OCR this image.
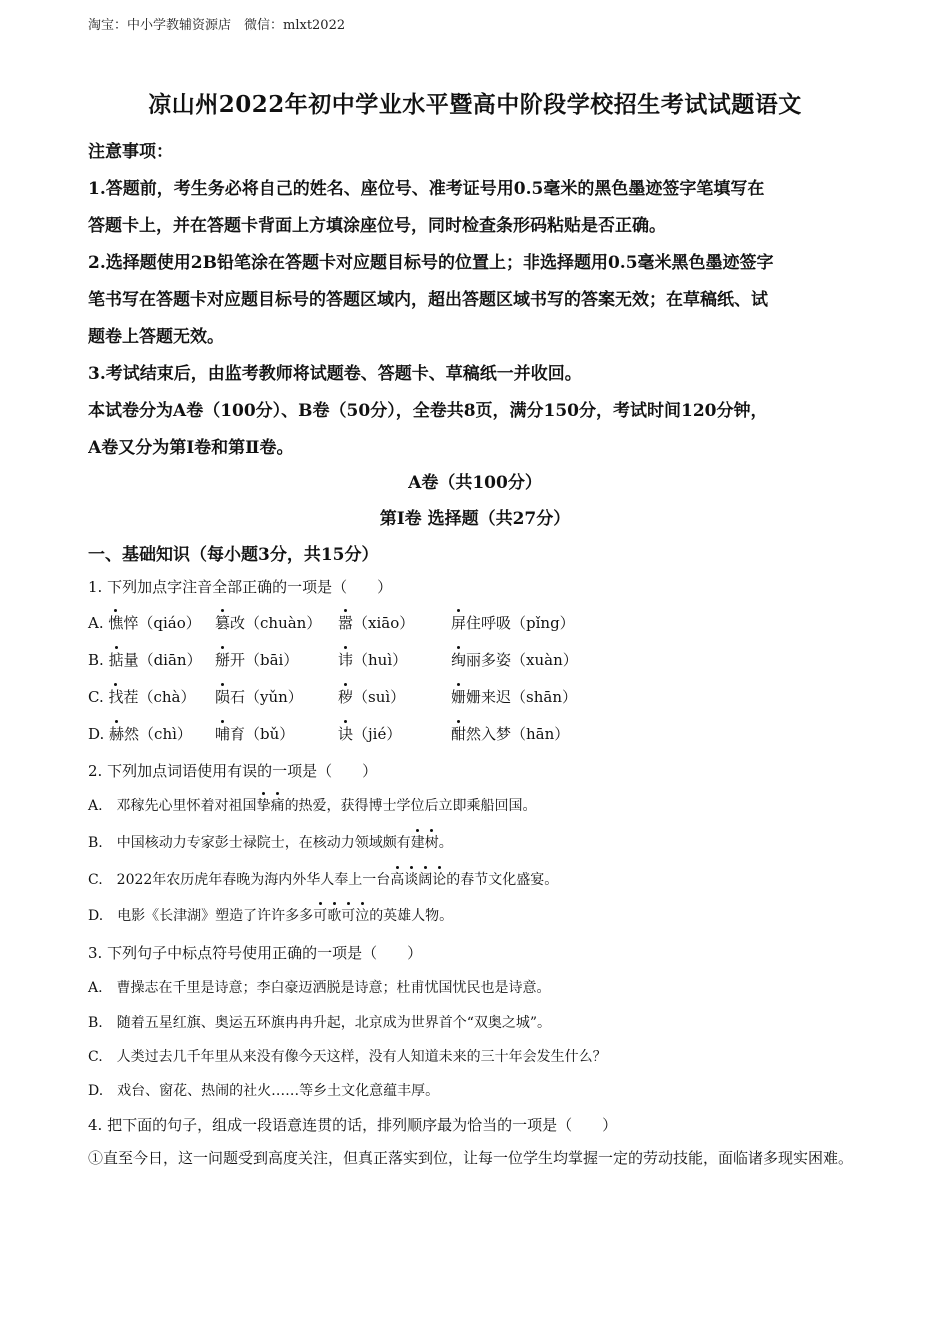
淘宝：中小学教辅资源店　微信：mlxt2022
凉山州2022年初中学业水平暨高中阶段学校招生考试试题语文
注意事项：
1.答题前，考生务必将自己的姓名、座位号、准考证号用0.5毫米的黑色墨迹签字笔填写在
答题卡上，并在答题卡背面上方填涂座位号，同时检查条形码粘贴是否正确。
2.选择题使用2B铅笔涂在答题卡对应题目标号的位置上；非选择题用0.5毫米黑色墨迹签字
笔书写在答题卡对应题目标号的答题区域内，超出答题区域书写的答案无效；在草稿纸、试
题卷上答题无效。
3.考试结束后，由监考教师将试题卷、答题卡、草稿纸一并收回。
本试卷分为A卷（100分）、B卷（50分），全卷共8页，满分150分，考试时间120分钟，
A卷又分为第Ⅰ卷和第Ⅱ卷。
A卷（共100分）
第Ⅰ卷 选择题（共27分）
一、基础知识（每小题3分，共15分）
1. 下列加点字注音全部正确的一项是（　　）
A. 憔悴（qiáo） 篡改（chuàn） 嚣（xiāo） 屏住呼吸（pǐng）
B. 掂量（diān） 掰开（bāi）	讳（huì）	绚丽多姿（xuàn）
C. 找茬（chà） 陨石（yǔn） 秽（suì）	姗姗来迟（shān）
D. 赫然（chì） 哺育（bǔ）	诀（jié）	酣然入梦（hān）
2. 下列加点词语使用有误的一项是（　　）
A.　邓稼先心里怀着对祖国挚痛的热爱，获得博士学位后立即乘船回国。
B.　中国核动力专家彭士禄院士，在核动力领域颇有建树。
C.　2022年农历虎年春晚为海内外华人奉上一台高谈阔论的春节文化盛宴。
D.　电影《长津湖》塑造了许许多多可歌可泣的英雄人物。
3. 下列句子中标点符号使用正确的一项是（　　）
A.　曹操志在千里是诗意；李白豪迈洒脱是诗意；杜甫忧国忧民也是诗意。
B.　随着五星红旗、奥运五环旗冉冉升起，北京成为世界首个“双奥之城”。
C.　人类过去几千年里从来没有像今天这样，没有人知道未来的三十年会发生什么？
D.　戏台、窗花、热闹的社火……等乡土文化意蕴丰厚。
4. 把下面的句子，组成一段语意连贯的话，排列顺序最为恰当的一项是（　　）
①直至今日，这一问题受到高度关注，但真正落实到位，让每一位学生均掌握一定的劳动技能，面临诸多现实困难。
